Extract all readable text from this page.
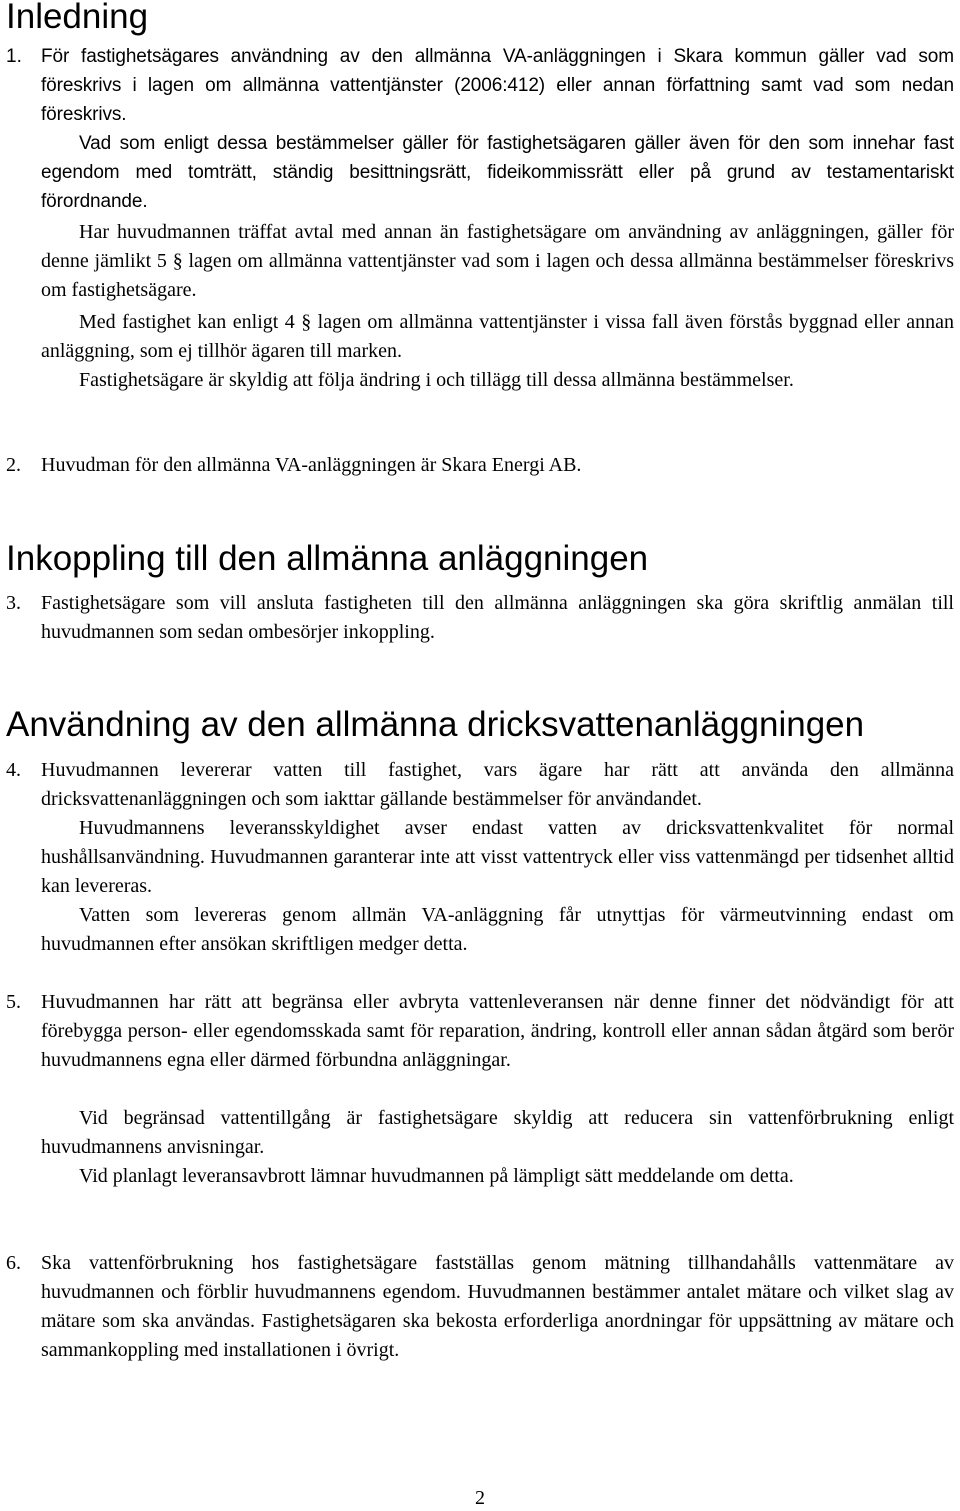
Inledning
1. För fastighetsägares användning av den allmänna VA-anläggningen i Skara kommun gäller vad som föreskrivs i lagen om allmänna vattentjänster (2006:412) eller annan författning samt vad som nedan föreskrivs.

Vad som enligt dessa bestämmelser gäller för fastighetsägaren gäller även för den som innehar fast egendom med tomträtt, ständig besittningsrätt, fideikommissrätt eller på grund av testamentariskt förordnande.

Har huvudmannen träffat avtal med annan än fastighetsägare om användning av anläggningen, gäller för denne jämlikt 5 § lagen om allmänna vattentjänster vad som i lagen och dessa allmänna bestämmelser föreskrivs om fastighetsägare.

Med fastighet kan enligt 4 § lagen om allmänna vattentjänster i vissa fall även förstås byggnad eller annan anläggning, som ej tillhör ägaren till marken.

Fastighetsägare är skyldig att följa ändring i och tillägg till dessa allmänna bestämmelser.

2. Huvudman för den allmänna VA-anläggningen är Skara Energi AB.

Inkoppling till den allmänna anläggningen
3. Fastighetsägare som vill ansluta fastigheten till den allmänna anläggningen ska göra skriftlig anmälan till huvudmannen som sedan ombesörjer inkoppling.

Användning av den allmänna dricksvattenanläggningen
4. Huvudmannen levererar vatten till fastighet, vars ägare har rätt att använda den allmänna dricksvattenanläggningen och som iakttar gällande bestämmelser för användandet.

Huvudmannens leveransskyldighet avser endast vatten av dricksvattenkvalitet för normal hushållsanvändning. Huvudmannen garanterar inte att visst vattentryck eller viss vattenmängd per tidsenhet alltid kan levereras.

Vatten som levereras genom allmän VA-anläggning får utnyttjas för värmeutvinning endast om huvudmannen efter ansökan skriftligen medger detta.

5. Huvudmannen har rätt att begränsa eller avbryta vattenleveransen när denne finner det nödvändigt för att förebygga person- eller egendomsskada samt för reparation, ändring, kontroll eller annan sådan åtgärd som berör huvudmannens egna eller därmed förbundna anläggningar.

Vid begränsad vattentillgång är fastighetsägare skyldig att reducera sin vattenförbrukning enligt huvudmannens anvisningar.

Vid planlagt leveransavbrott lämnar huvudmannen på lämpligt sätt meddelande om detta.

6. Ska vattenförbrukning hos fastighetsägare fastställas genom mätning tillhandahålls vattenmätare av huvudmannen och förblir huvudmannens egendom. Huvudmannen bestämmer antalet mätare och vilket slag av mätare som ska användas. Fastighetsägaren ska bekosta erforderliga anordningar för uppsättning av mätare och sammankoppling med installationen i övrigt.

2
